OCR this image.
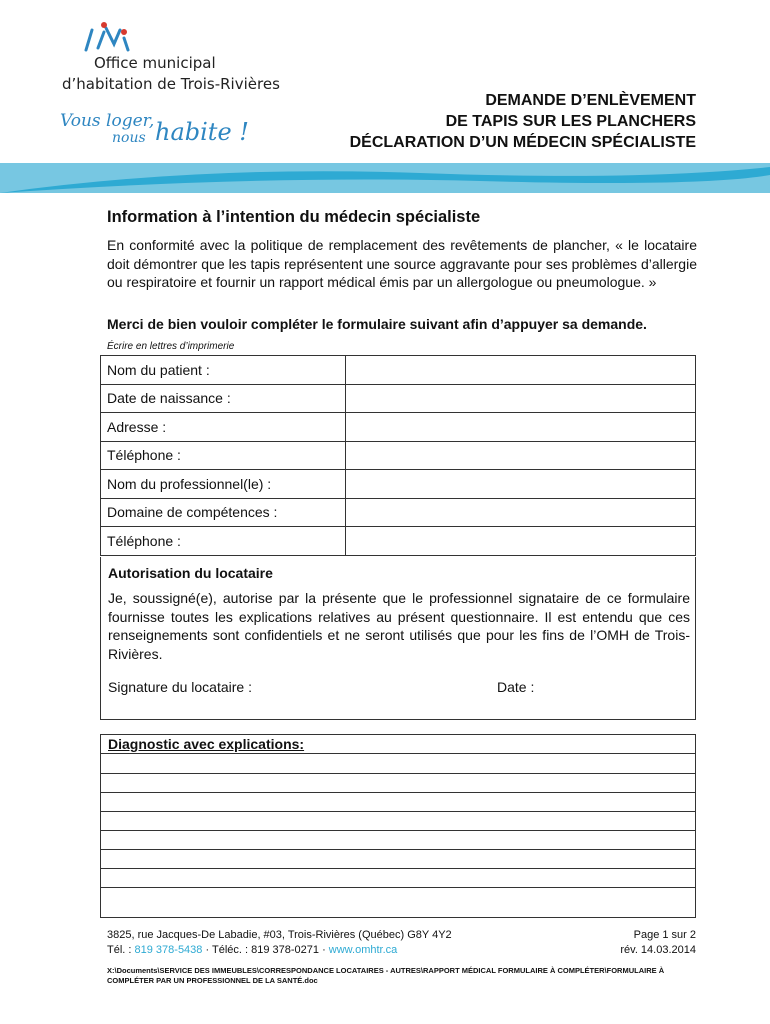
Office municipal
d’habitation de Trois-Rivières
Vous loger,
nous habite !
DEMANDE D’ENLÈVEMENT
DE TAPIS SUR LES PLANCHERS
DÉCLARATION D’UN MÉDECIN SPÉCIALISTE
Information à l’intention du médecin spécialiste
En conformité avec la politique de remplacement des revêtements de plancher, « le locataire doit démontrer que les tapis représentent une source aggravante pour ses problèmes d’allergie ou respiratoire et fournir un rapport médical émis par un allergologue ou pneumologue. »
Merci de bien vouloir compléter le formulaire suivant afin d’appuyer sa demande.
Écrire en lettres d’imprimerie
Nom du patient :	
Date de naissance :	
Adresse :	
Téléphone :	
Nom du professionnel(le) :	
Domaine de compétences :	
Téléphone :	
Autorisation du locataire
Je, soussigné(e), autorise par la présente que le professionnel signataire de ce formulaire fournisse toutes les explications relatives au présent questionnaire. Il est entendu que ces renseignements sont confidentiels et ne seront utilisés que pour les fins de l’OMH de Trois-Rivières.
Signature du locataire :	Date :
Diagnostic avec explications:
3825, rue Jacques-De Labadie, #03, Trois-Rivières (Québec) G8Y 4Y2
Tél. : 819 378-5438 · Téléc. : 819 378-0271 · www.omhtr.ca
Page 1 sur 2
rév. 14.03.2014
X:\Documents\SERVICE DES IMMEUBLES\CORRESPONDANCE LOCATAIRES - AUTRES\RAPPORT MÉDICAL FORMULAIRE À COMPLÉTER\FORMULAIRE À COMPLÉTER PAR UN PROFESSIONNEL DE LA SANTÉ.doc
